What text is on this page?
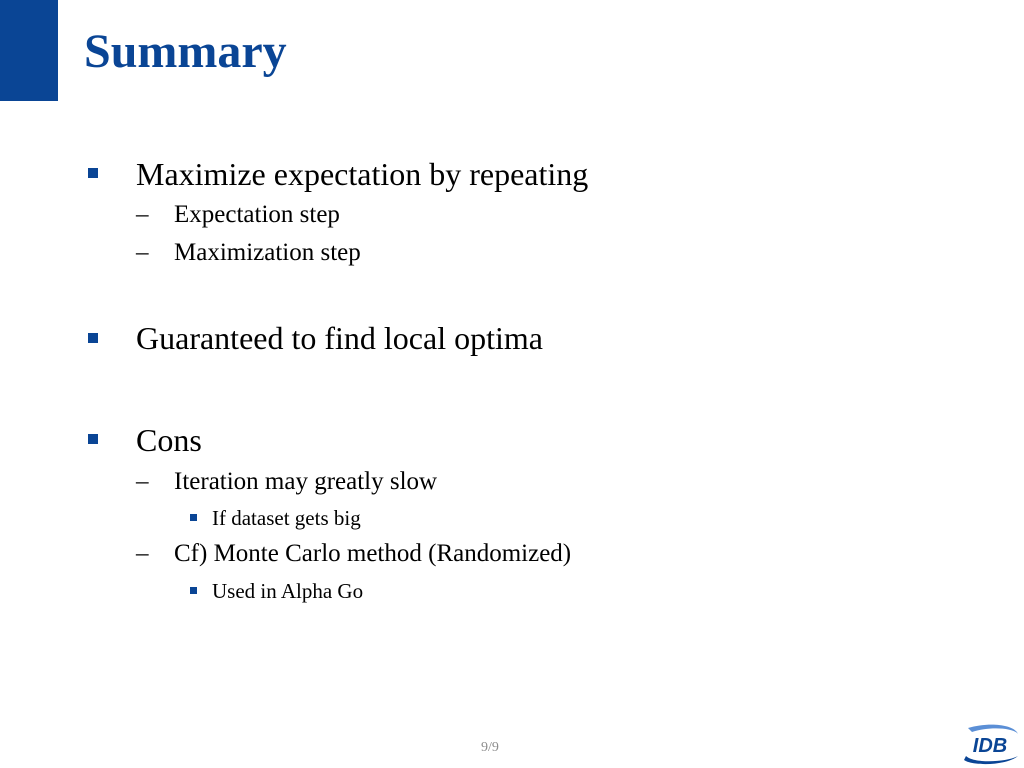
Summary
Maximize expectation by repeating
– Expectation step
– Maximization step
Guaranteed to find local optima
Cons
– Iteration may greatly slow
If dataset gets big
– Cf) Monte Carlo method (Randomized)
Used in Alpha Go
9/9	IDB
